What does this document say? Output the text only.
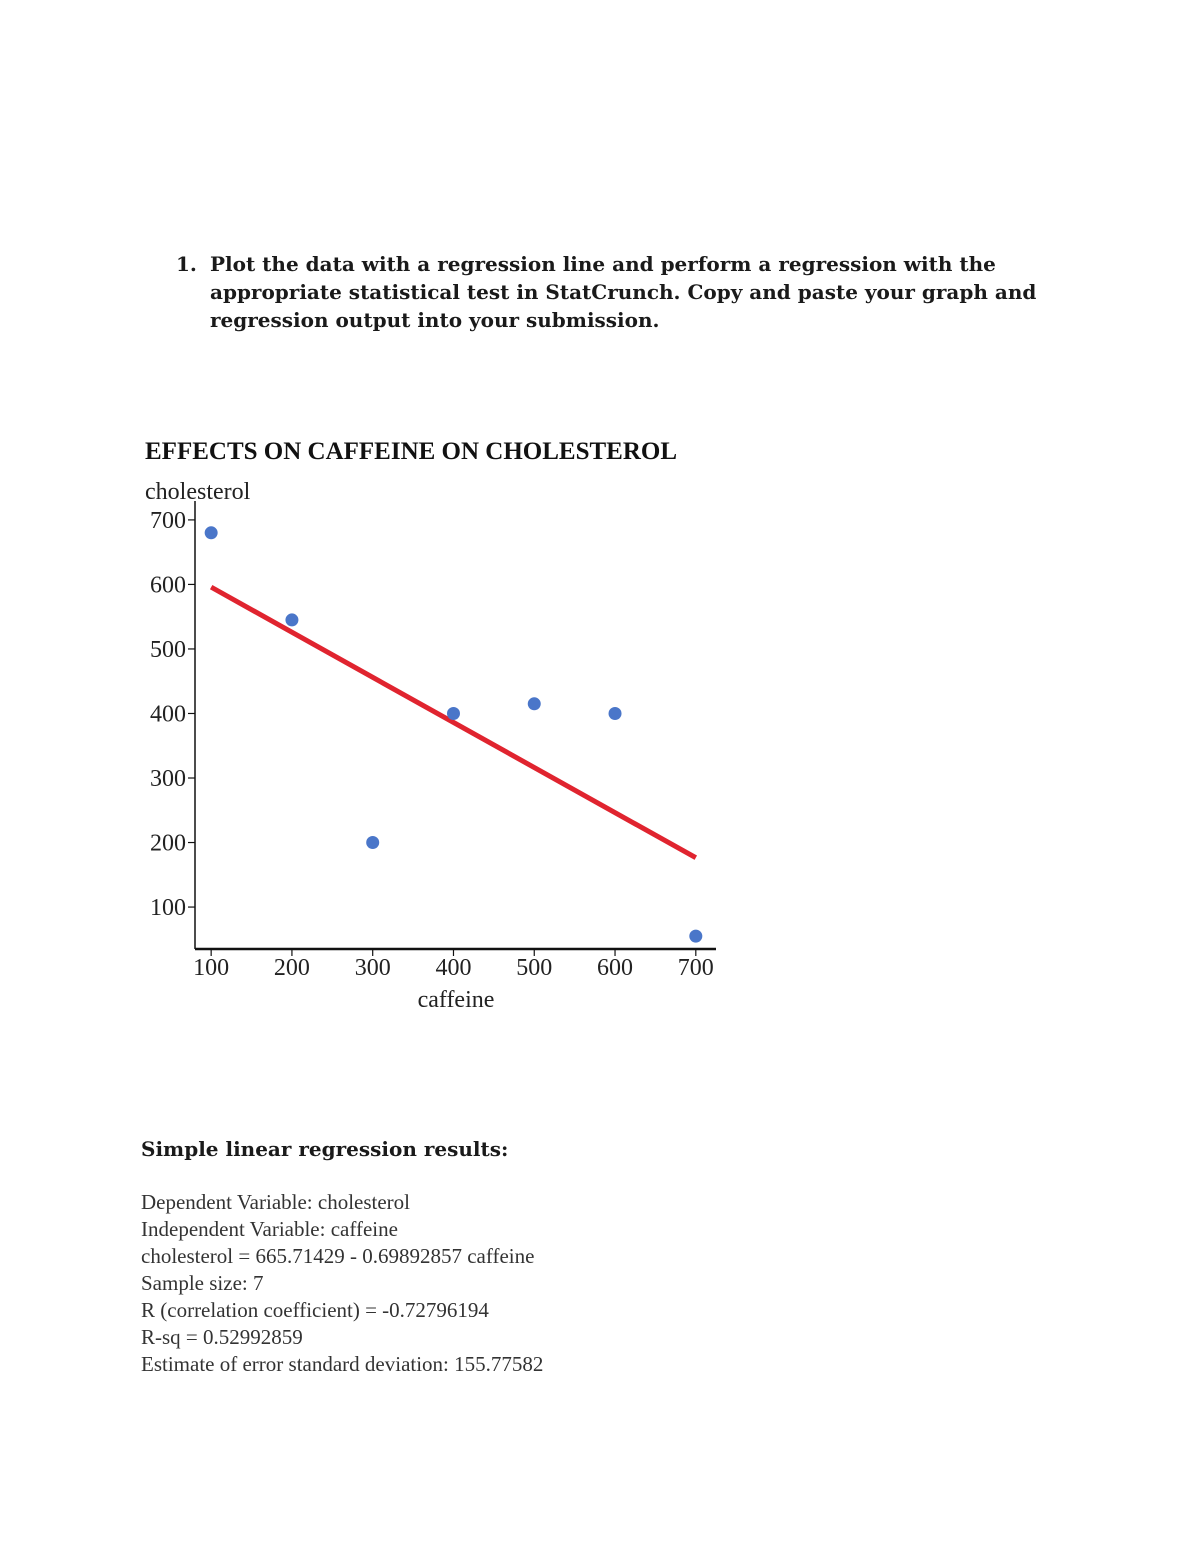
1. Plot the data with a regression line and perform a regression with the appropriate statistical test in StatCrunch. Copy and paste your graph and regression output into your submission.
EFFECTS ON CAFFEINE ON CHOLESTEROL
cholesterol
caffeine
100
200
300
400
500
600
700
100 200 300 400 500 600 700
Simple linear regression results:
Dependent Variable: cholesterol
Independent Variable: caffeine
cholesterol = 665.71429 - 0.69892857 caffeine
Sample size: 7
R (correlation coefficient) = -0.72796194
R-sq = 0.52992859
Estimate of error standard deviation: 155.77582
